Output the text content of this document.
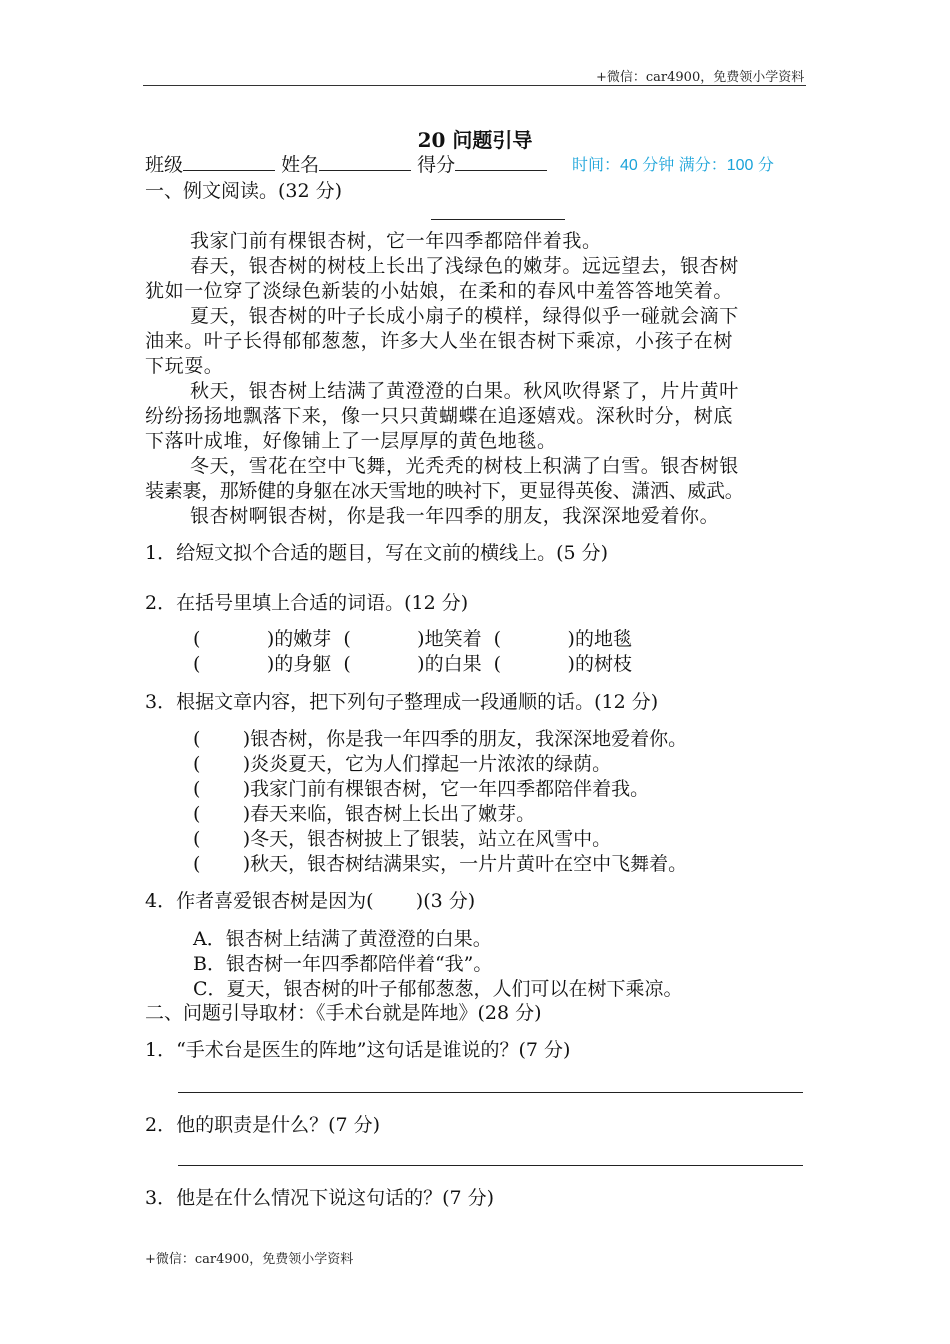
+微信：car4900，免费领小学资料
20 问题引导
班级	姓名	得分	时间：40 分钟 满分：100 分
一、例文阅读。(32 分)
我家门前有棵银杏树，它一年四季都陪伴着我。
春天，银杏树的树枝上长出了浅绿色的嫩芽。远远望去，银杏树
犹如一位穿了淡绿色新装的小姑娘，在柔和的春风中羞答答地笑着。
夏天，银杏树的叶子长成小扇子的模样，绿得似乎一碰就会滴下
油来。叶子长得郁郁葱葱，许多大人坐在银杏树下乘凉，小孩子在树
下玩耍。
秋天，银杏树上结满了黄澄澄的白果。秋风吹得紧了，片片黄叶
纷纷扬扬地飘落下来，像一只只黄蝴蝶在追逐嬉戏。深秋时分，树底
下落叶成堆，好像铺上了一层厚厚的黄色地毯。
冬天，雪花在空中飞舞，光秃秃的树枝上积满了白雪。银杏树银
装素裹，那矫健的身躯在冰天雪地的映衬下，更显得英俊、潇洒、威武。
银杏树啊银杏树，你是我一年四季的朋友，我深深地爱着你。
1．给短文拟个合适的题目，写在文前的横线上。(5 分)
2．在括号里填上合适的词语。(12 分)
(           )的嫩芽  (           )地笑着  (           )的地毯
(           )的身躯  (           )的白果  (           )的树枝
3．根据文章内容，把下列句子整理成一段通顺的话。(12 分)
(       )银杏树，你是我一年四季的朋友，我深深地爱着你。
(       )炎炎夏天，它为人们撑起一片浓浓的绿荫。
(       )我家门前有棵银杏树，它一年四季都陪伴着我。
(       )春天来临，银杏树上长出了嫩芽。
(       )冬天，银杏树披上了银装，站立在风雪中。
(       )秋天，银杏树结满果实，一片片黄叶在空中飞舞着。
4．作者喜爱银杏树是因为(       )(3 分)
A．银杏树上结满了黄澄澄的白果。
B．银杏树一年四季都陪伴着“我”。
C．夏天，银杏树的叶子郁郁葱葱，人们可以在树下乘凉。
二、问题引导取材：《手术台就是阵地》(28 分)
1．“手术台是医生的阵地”这句话是谁说的？(7 分)
2．他的职责是什么？(7 分)
3．他是在什么情况下说这句话的？(7 分)
+微信：car4900，免费领小学资料
